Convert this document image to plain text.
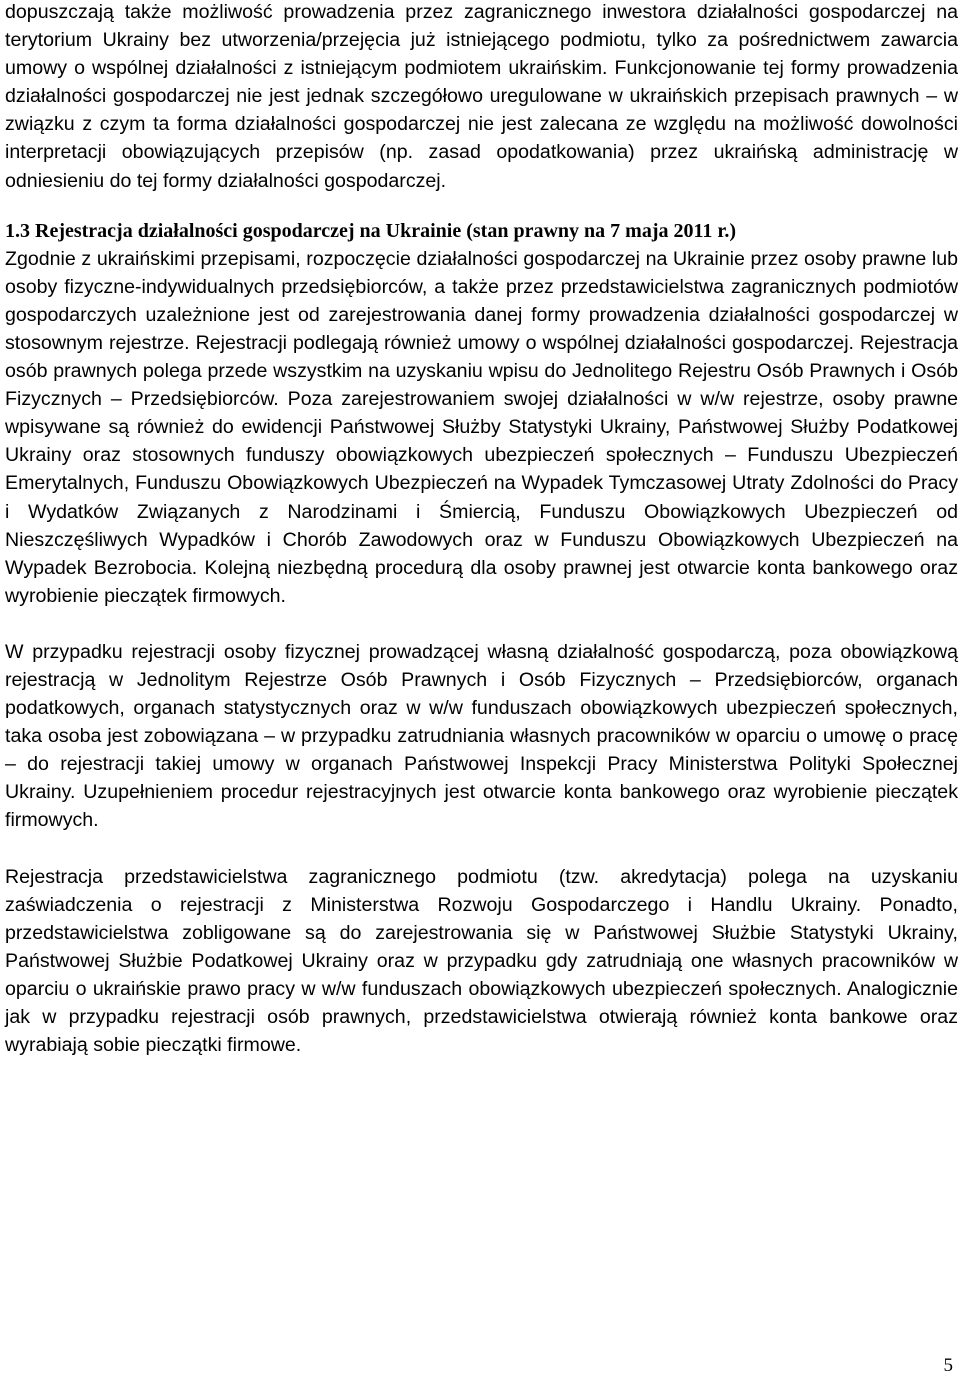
dopuszczają także możliwość prowadzenia przez zagranicznego inwestora działalności gospodarczej na terytorium Ukrainy bez utworzenia/przejęcia już istniejącego podmiotu, tylko za pośrednictwem zawarcia umowy o wspólnej działalności z istniejącym podmiotem ukraińskim. Funkcjonowanie tej formy prowadzenia działalności gospodarczej nie jest jednak szczegółowo uregulowane w ukraińskich przepisach prawnych – w związku z czym ta forma działalności gospodarczej nie jest zalecana ze względu na możliwość dowolności interpretacji obowiązujących przepisów (np. zasad opodatkowania) przez ukraińską administrację w odniesieniu do tej formy działalności gospodarczej.

1.3 Rejestracja działalności gospodarczej na Ukrainie (stan prawny na 7 maja 2011 r.)

Zgodnie z ukraińskimi przepisami, rozpoczęcie działalności gospodarczej na Ukrainie przez osoby prawne lub osoby fizyczne-indywidualnych przedsiębiorców, a także przez przedstawicielstwa zagranicznych podmiotów gospodarczych uzależnione jest od zarejestrowania danej formy prowadzenia działalności gospodarczej w stosownym rejestrze. Rejestracji podlegają również umowy o wspólnej działalności gospodarczej. Rejestracja osób prawnych polega przede wszystkim na uzyskaniu wpisu do Jednolitego Rejestru Osób Prawnych i Osób Fizycznych – Przedsiębiorców. Poza zarejestrowaniem swojej działalności w w/w rejestrze, osoby prawne wpisywane są również do ewidencji Państwowej Służby Statystyki Ukrainy, Państwowej Służby Podatkowej Ukrainy oraz stosownych funduszy obowiązkowych ubezpieczeń społecznych – Funduszu Ubezpieczeń Emerytalnych, Funduszu Obowiązkowych Ubezpieczeń na Wypadek Tymczasowej Utraty Zdolności do Pracy i Wydatków Związanych z Narodzinami i Śmiercią, Funduszu Obowiązkowych Ubezpieczeń od Nieszczęśliwych Wypadków i Chorób Zawodowych oraz w Funduszu Obowiązkowych Ubezpieczeń na Wypadek Bezrobocia. Kolejną niezbędną procedurą dla osoby prawnej jest otwarcie konta bankowego oraz wyrobienie pieczątek firmowych.

W przypadku rejestracji osoby fizycznej prowadzącej własną działalność gospodarczą, poza obowiązkową rejestracją w Jednolitym Rejestrze Osób Prawnych i Osób Fizycznych – Przedsiębiorców, organach podatkowych, organach statystycznych oraz w w/w funduszach obowiązkowych ubezpieczeń społecznych, taka osoba jest zobowiązana – w przypadku zatrudniania własnych pracowników w oparciu o umowę o pracę – do rejestracji takiej umowy w organach Państwowej Inspekcji Pracy Ministerstwa Polityki Społecznej Ukrainy. Uzupełnieniem procedur rejestracyjnych jest otwarcie konta bankowego oraz wyrobienie pieczątek firmowych.

Rejestracja przedstawicielstwa zagranicznego podmiotu (tzw. akredytacja) polega na uzyskaniu zaświadczenia o rejestracji z Ministerstwa Rozwoju Gospodarczego i Handlu Ukrainy. Ponadto, przedstawicielstwa zobligowane są do zarejestrowania się w Państwowej Służbie Statystyki Ukrainy, Państwowej Służbie Podatkowej Ukrainy oraz w przypadku gdy zatrudniają one własnych pracowników w oparciu o ukraińskie prawo pracy w w/w funduszach obowiązkowych ubezpieczeń społecznych. Analogicznie jak w przypadku rejestracji osób prawnych, przedstawicielstwa otwierają również konta bankowe oraz wyrabiają sobie pieczątki firmowe.

5
